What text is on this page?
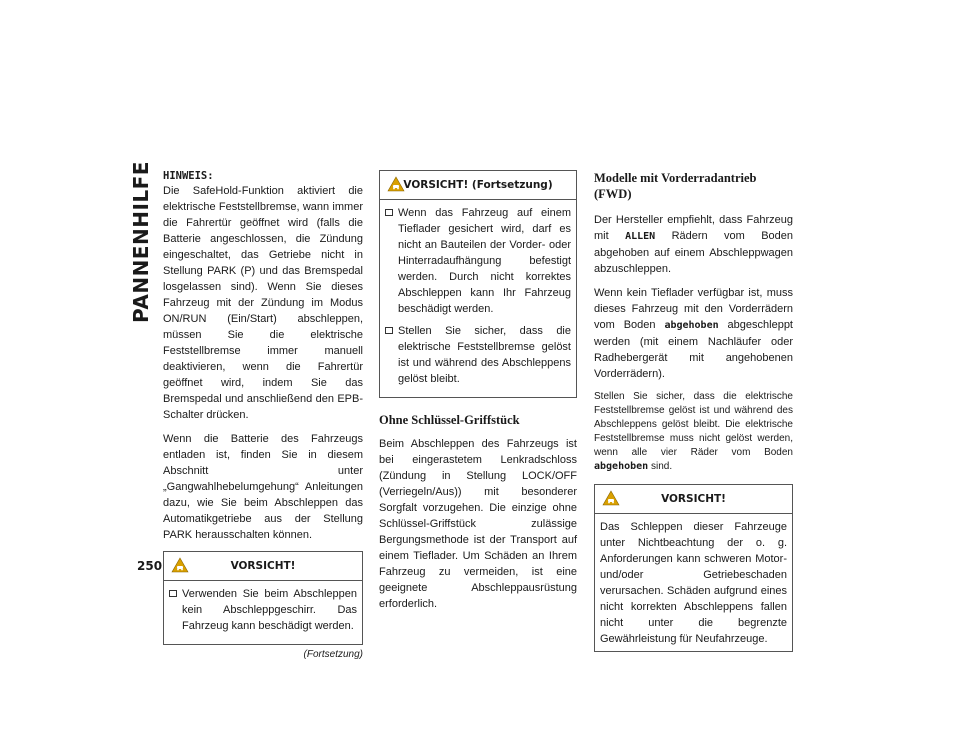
PANNENHILFE HINWEIS:

Die SafeHold-Funktion aktiviert die elektrische Feststellbremse, wann immer die Fahrertür geöffnet wird (falls die Batterie angeschlossen, die Zündung eingeschaltet, das Getriebe nicht in Stellung PARK (P) und das Bremspedal losgelassen sind). Wenn Sie dieses Fahrzeug mit der Zündung im Modus ON/RUN (Ein/Start) abschleppen, müssen Sie die elektrische Feststellbremse immer manuell deaktivieren, wenn die Fahrertür geöffnet wird, indem Sie das Bremspedal und anschließend den EPB-Schalter drücken.

Wenn die Batterie des Fahrzeugs entladen ist, finden Sie in diesem Abschnitt unter „Gangwahlhebelumgehung“ Anleitungen dazu, wie Sie beim Abschleppen das Automatikgetriebe aus der Stellung PARK herausschalten können.

VORSICHT!
Verwenden Sie beim Abschleppen kein Abschleppgeschirr. Das Fahrzeug kann beschädigt werden.
(Fortsetzung)
VORSICHT! (Fortsetzung)
Wenn das Fahrzeug auf einem Tieflader gesichert wird, darf es nicht an Bauteilen der Vorder- oder Hinterradaufhängung befestigt werden. Durch nicht korrektes Abschleppen kann Ihr Fahrzeug beschädigt werden.
Stellen Sie sicher, dass die elektrische Feststellbremse gelöst ist und während des Abschleppens gelöst bleibt.
Ohne Schlüssel-Griffstück

Beim Abschleppen des Fahrzeugs ist bei eingerastetem Lenkradschloss (Zündung in Stellung LOCK/OFF (Verriegeln/Aus)) mit besonderer Sorgfalt vorzugehen. Die einzige ohne Schlüssel-Griffstück zulässige Bergungsmethode ist der Transport auf einem Tieflader. Um Schäden an Ihrem Fahrzeug zu vermeiden, ist eine geeignete Abschleppausrüstung erforderlich.

Modelle mit Vorderradantrieb (FWD)

Der Hersteller empfiehlt, dass Fahrzeug mit ALLEN Rädern vom Boden abgehoben auf einem Abschleppwagen abzuschleppen.

Wenn kein Tieflader verfügbar ist, muss dieses Fahrzeug mit den Vorderrädern vom Boden abgehoben abgeschleppt werden (mit einem Nachläufer oder Radhebergerät mit angehobenen Vorderrädern).

Stellen Sie sicher, dass die elektrische Feststellbremse gelöst ist und während des Abschleppens gelöst bleibt. Die elektrische Feststellbremse muss nicht gelöst werden, wenn alle vier Räder vom Boden abgehoben sind.

VORSICHT!

Das Schleppen dieser Fahrzeuge unter Nichtbeachtung der o. g. Anforderungen kann schweren Motor- und/oder Getriebeschaden verursachen. Schäden aufgrund eines nicht korrekten Abschleppens fallen nicht unter die begrenzte Gewährleistung für Neufahrzeuge.

250
